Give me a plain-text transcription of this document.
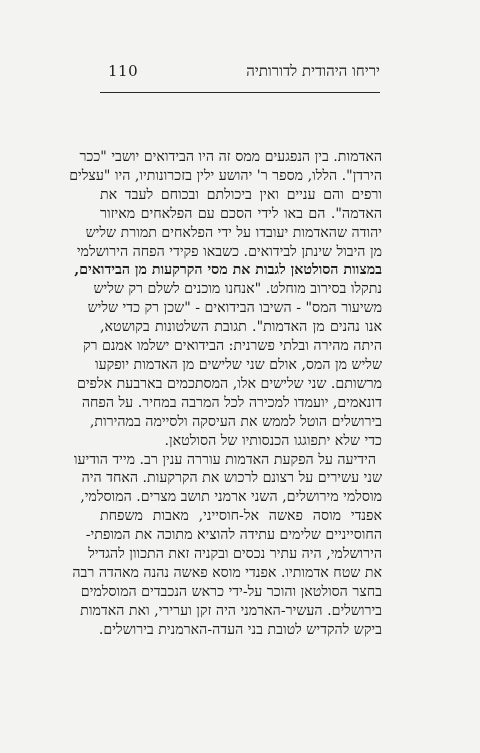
110	יריחו היהודית לדורותיה
האדמות. בין הנפגעים ממס זה היו הבידואים יושבי "ככר
הירדן". הללו, מספר ר' יהושע ילין בזכרונותיו, היו "עצלים
ורפים והם עניים ואין ביכולתם ובכוחם לעבד את
האדמה". הם באו לידי הסכם עם הפלאחים מאיזור
יהודה שהאדמות יעובדו על ידי הפלאחים תמורת שליש
מן היבול שינתן לבידואים. כשבאו פקידי הפחה הירושלמי
במצוות הסולטאן לגבות את מסי הקרקעות מן הבידואים,
נתקלו בסירוב מוחלט. "אנחנו מוכנים לשלם רק שליש
משיעור המס" - השיבו הבידואים - "שכן רק כדי שליש
אנו נהנים מן האדמות". תגובת השלטונות בקושטא,
היתה מהירה ובלתי פשרנית: הבידואים ישלמו אמנם רק
שליש מן המס, אולם שני שלישים מן האדמות יופקעו
מרשותם. שני שלישים אלו, המסתכמים בארבעת אלפים
דונאמים, יועמדו למכירה לכל המרבה במחיר. על הפחה
בירושלים הוטל לממש את העיסקה ולסיימה במהירות,
כדי שלא יתפוגגו הכנסותיו של הסולטאן.
הידיעה על הפקעת האדמות עוררה ענין רב. מייד הודיעו
שני עשירים על רצונם לרכוש את הקרקעות. האחד היה
מוסלמי מירושלים, השני ארמני תושב מצרים. המוסלמי,
אפנדי מוסה פאשה אל-חוסייני, מאבות משפחת
החוסייניים שלימים עתידה להוציא מתוכה את המופתי-
הירושלמי, היה עתיר נכסים ובקניה זאת התכוון להגדיל
את שטח אדמותיו. אפנדי מוסא פאשה נהנה מאהדה רבה
בחצר הסולטאן והוכר על-ידי כראש הנכבדים המוסלמים
בירושלים. העשיר-הארמני היה זקן וערירי, ואת האדמות
ביקש להקדיש לטובת בני העדה-הארמנית בירושלים.
